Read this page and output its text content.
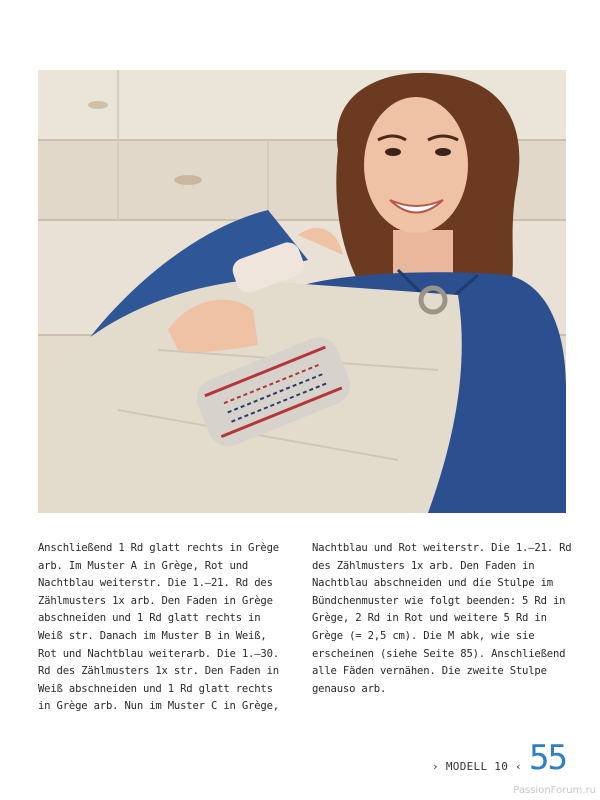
Anschließend 1 Rd glatt rechts in Grège arb. Im Muster A in Grège, Rot und Nachtblau weiterstr. Die 1.–21. Rd des Zählmusters 1x arb. Den Faden in Grège abschneiden und 1 Rd glatt rechts in Weiß str. Danach im Muster B in Weiß, Rot und Nachtblau weiterarb. Die 1.–30. Rd des Zählmusters 1x str. Den Faden in Weiß abschneiden und 1 Rd glatt rechts in Grège arb. Nun im Muster C in Grège,
Nachtblau und Rot weiterstr. Die 1.–21. Rd des Zählmusters 1x arb. Den Faden in Nachtblau abschneiden und die Stulpe im Bündchenmuster wie folgt beenden: 5 Rd in Grège, 2 Rd in Rot und weitere 5 Rd in Grège (= 2,5 cm). Die M abk, wie sie erscheinen (siehe Seite 85). Anschließend alle Fäden vernähen. Die zweite Stulpe genauso arb.
› MODELL 10 ‹ 55
PassionForum.ru
